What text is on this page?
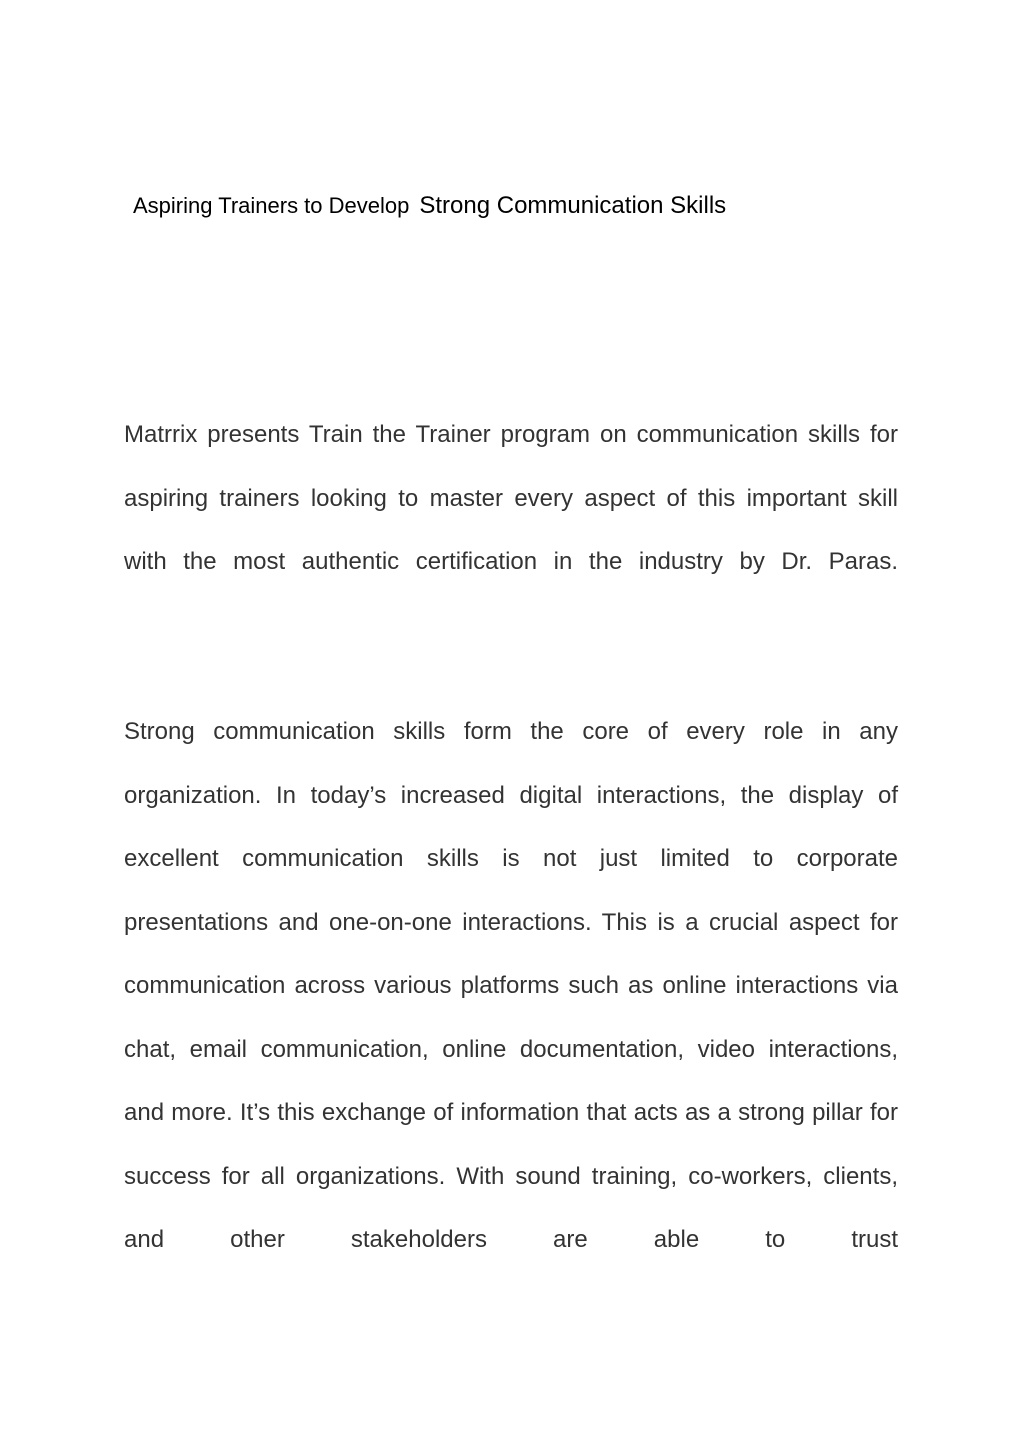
Aspiring Trainers to Develop Strong Communication Skills

Matrrix presents Train the Trainer program on communication skills for aspiring trainers looking to master every aspect of this important skill with the most authentic certification in the industry by Dr. Paras.

Strong communication skills form the core of every role in any organization. In today’s increased digital interactions, the display of excellent communication skills is not just limited to corporate presentations and one-on-one interactions. This is a crucial aspect for communication across various platforms such as online interactions via chat, email communication, online documentation, video interactions, and more. It’s this exchange of information that acts as a strong pillar for success for all organizations. With sound training, co-workers, clients, and other stakeholders are able to trust
